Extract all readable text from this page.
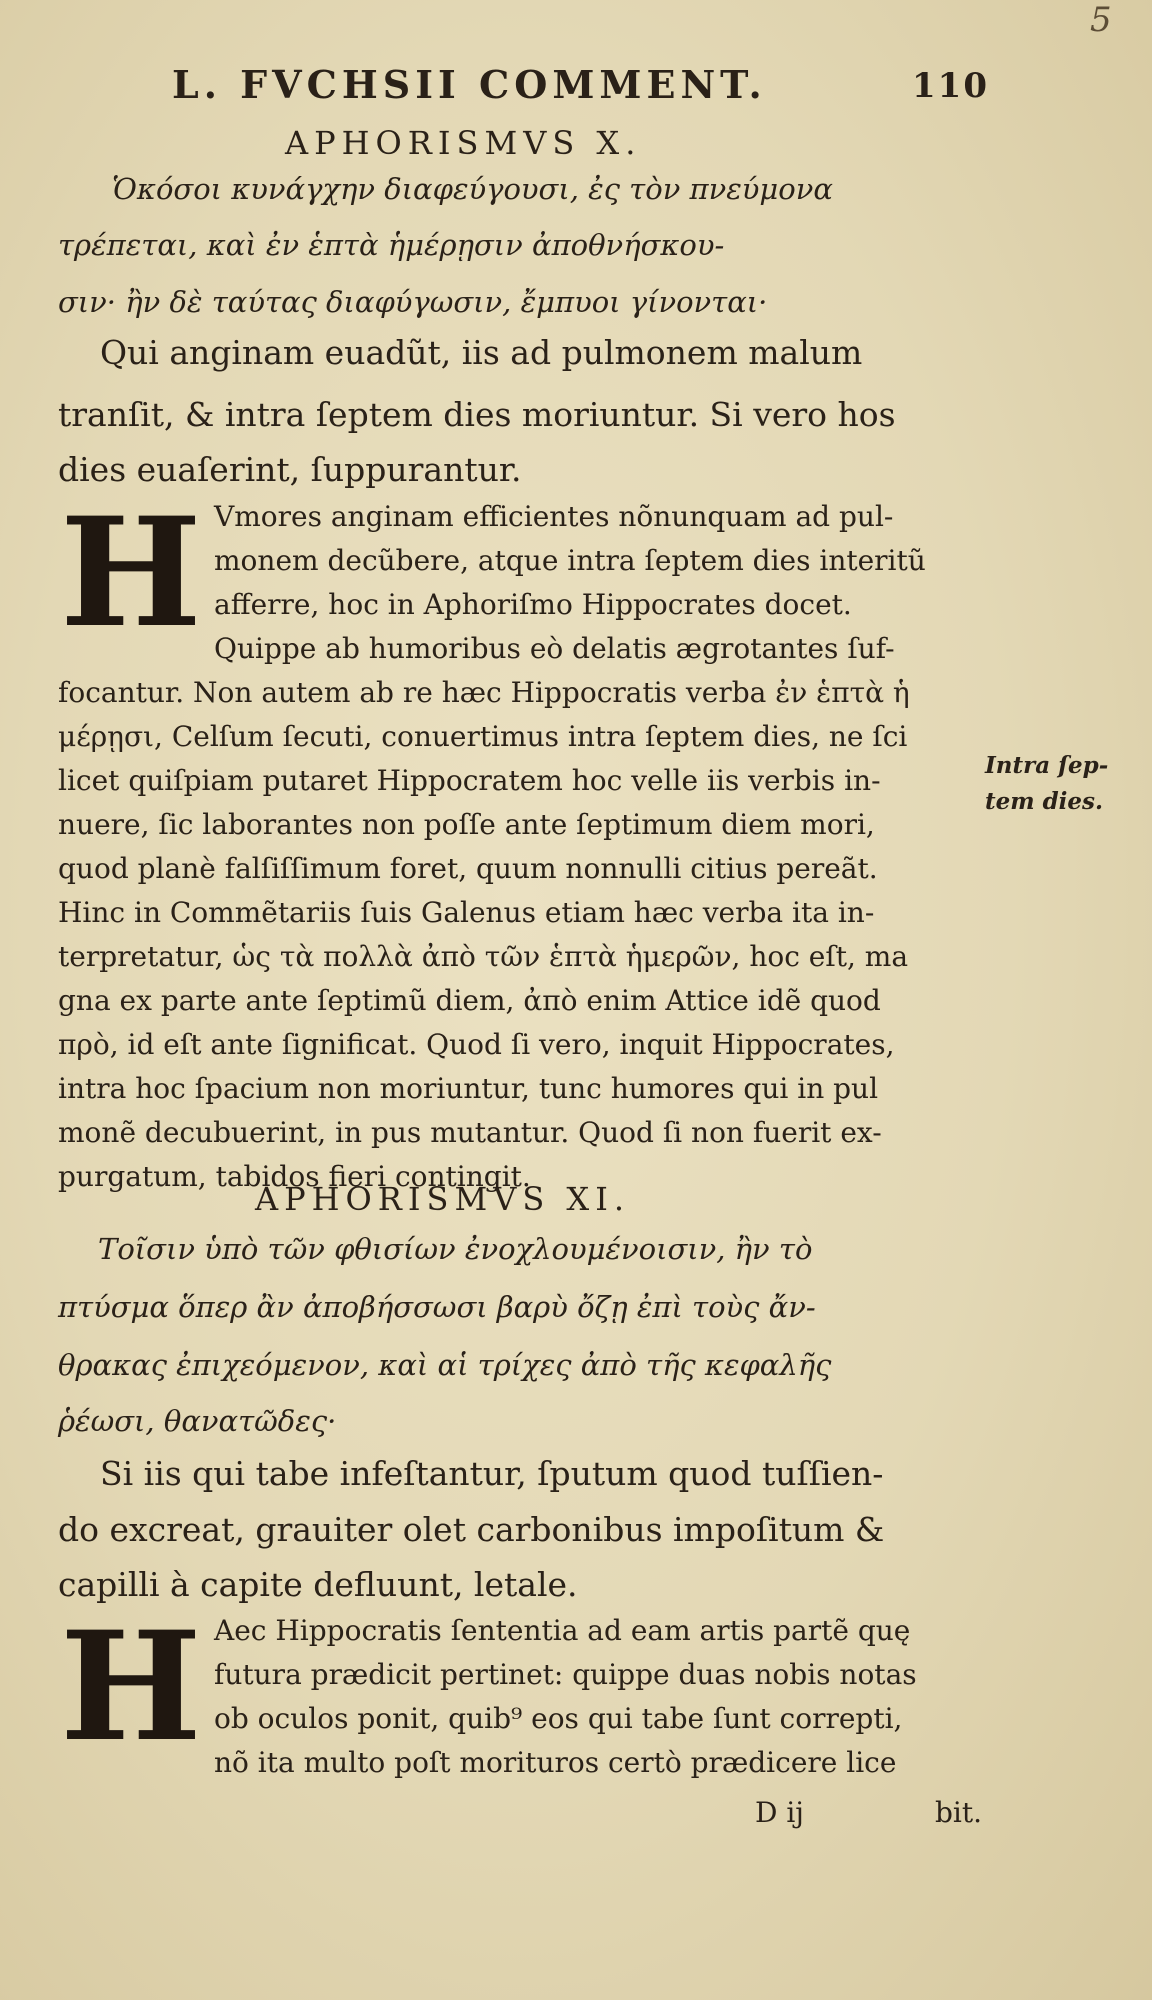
5
L. FVCHSII COMMENT.	110
APHORISMVS X.
Ὁκόσοι κυνάγχην διαφεύγουσι, ἐς τὸν πνεύμονα
τρέπεται, καὶ ἐν ἑπτὰ ἡμέρῃσιν ἀποθνήσκου-
σιν· ἢν δὲ ταύτας διαφύγωσιν, ἔμπυοι γίνονται·
Qui anginam euadũt, iis ad pulmonem malum
tranſit, & intra ſeptem dies moriuntur. Si vero hos
dies euaſerint, ſuppurantur.
H Vmores anginam efficientes nõnunquam ad pul-
monem decũbere, atque intra ſeptem dies interitũ
afferre, hoc in Aphoriſmo Hippocrates docet.
Quippe ab humoribus eò delatis ægrotantes ſuf-
focantur. Non autem ab re hæc Hippocratis verba ἐν ἑπτὰ ἡ
μέρῃσι, Celſum ſecuti, conuertimus intra ſeptem dies, ne ſci
licet quiſpiam putaret Hippocratem hoc velle iis verbis in-
nuere, ſic laborantes non poſſe ante ſeptimum diem mori,
quod planè falſiſſimum foret, quum nonnulli citius pereãt.
Hinc in Commẽtariis ſuis Galenus etiam hæc verba ita in-
terpretatur, ὡς τὰ πολλὰ ἀπὸ τῶν ἑπτὰ ἡμερῶν, hoc eſt, ma
gna ex parte ante ſeptimũ diem, ἀπὸ enim Attice idẽ quod
πρὸ, id eſt ante ſignificat. Quod ſi vero, inquit Hippocrates,
intra hoc ſpacium non moriuntur, tunc humores qui in pul
monẽ decubuerint, in pus mutantur. Quod ſi non fuerit ex-
purgatum, tabidos fieri contingit.
Intra ſep-
tem dies.
APHORISMVS XI.
Τοῖσιν ὑπὸ τῶν φθισίων ἐνοχλουμένοισιν, ἢν τὸ
πτύσμα ὅπερ ἂν ἀποβήσσωσι βαρὺ ὄζῃ ἐπὶ τοὺς ἄν-
θρακας ἐπιχεόμενον, καὶ αἱ τρίχες ἀπὸ τῆς κεφαλῆς
ῥέωσι, θανατῶδες·
Si iis qui tabe infeſtantur, ſputum quod tuſſien-
do excreat, grauiter olet carbonibus impoſitum &
capilli à capite defluunt, letale.
H Aec Hippocratis ſententia ad eam artis partẽ quę
futura prædicit pertinet: quippe duas nobis notas
ob oculos ponit, quib⁹ eos qui tabe ſunt correpti,
nõ ita multo poſt morituros certò prædicere lice
D ij	bit.
